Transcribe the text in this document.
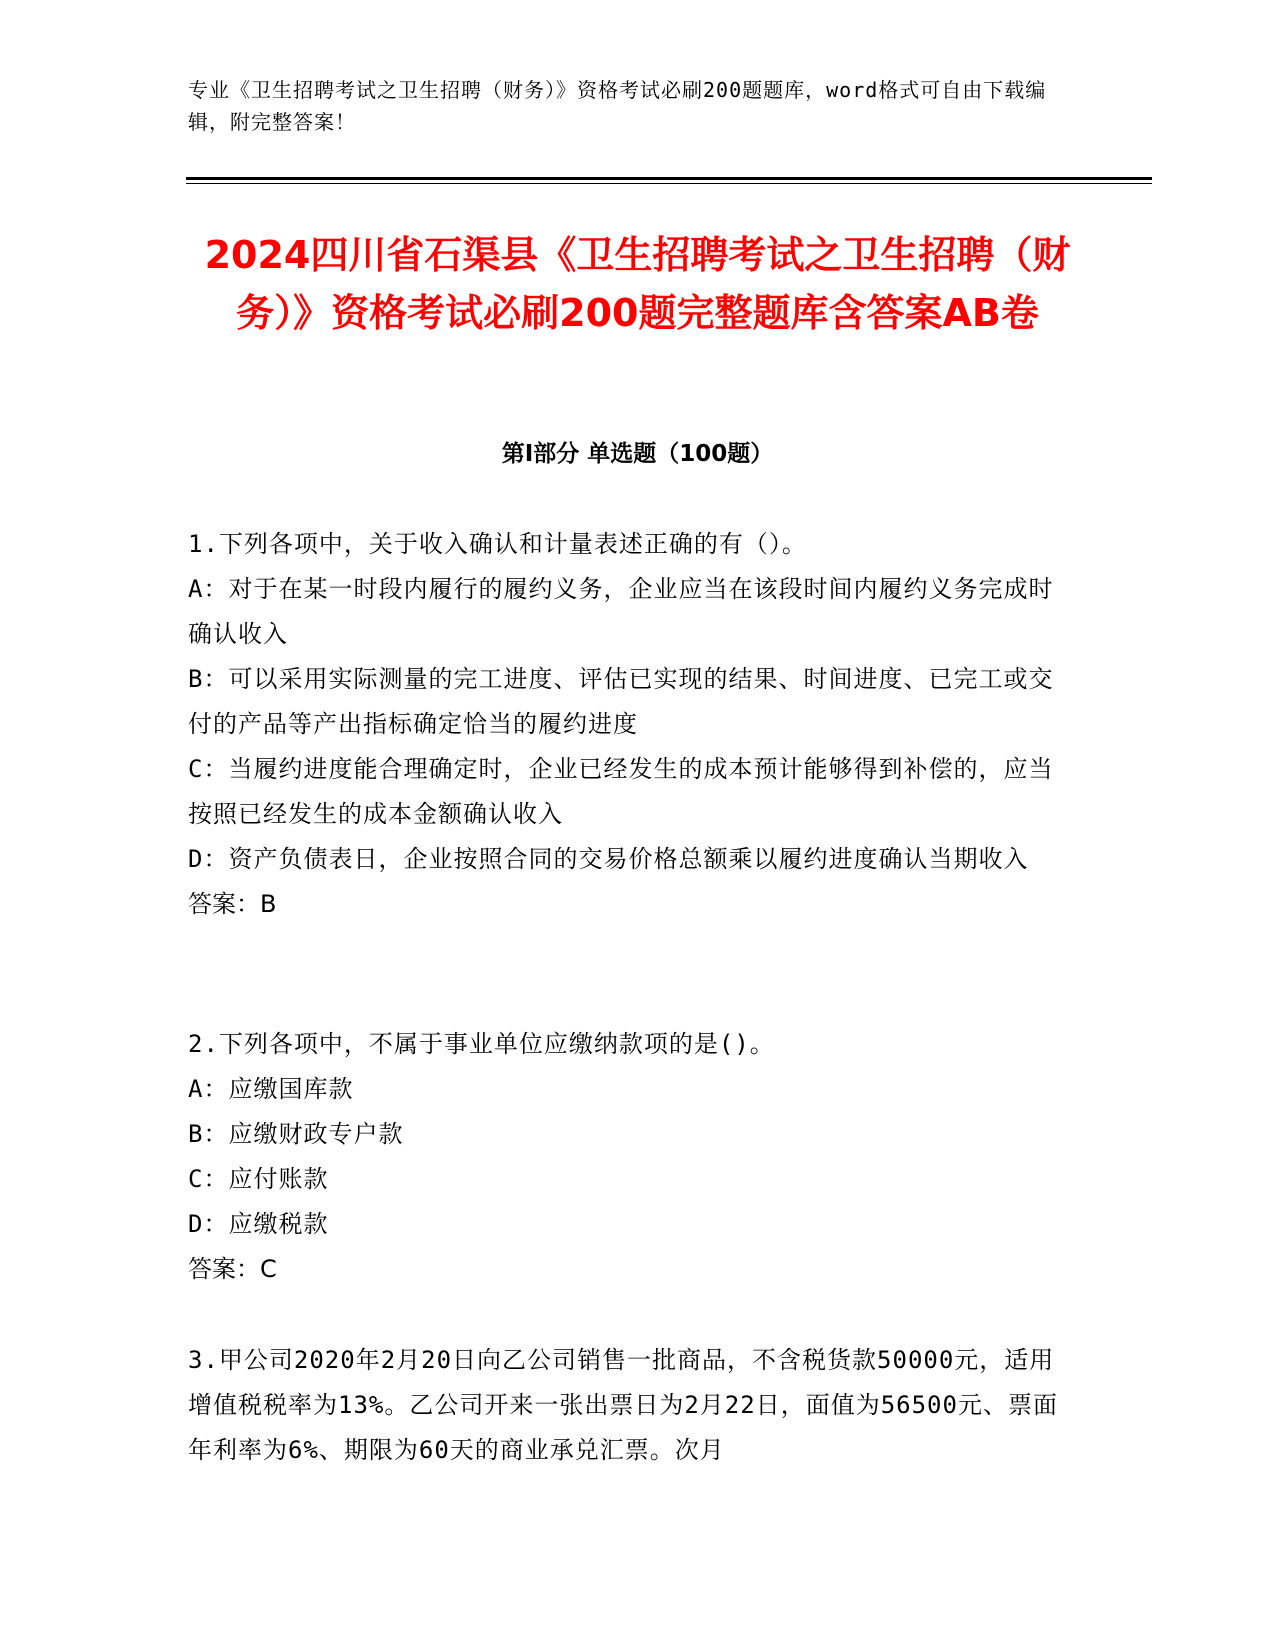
专业《卫生招聘考试之卫生招聘（财务）》资格考试必刷200题题库，word格式可自由下载编辑，附完整答案！
2024四川省石渠县《卫生招聘考试之卫生招聘（财务）》资格考试必刷200题完整题库含答案AB卷
第Ⅰ部分 单选题（100题）

1.下列各项中，关于收入确认和计量表述正确的有（）。

A：对于在某一时段内履行的履约义务，企业应当在该段时间内履约义务完成时确认收入

B：可以采用实际测量的完工进度、评估已实现的结果、时间进度、已完工或交付的产品等产出指标确定恰当的履约进度

C：当履约进度能合理确定时，企业已经发生的成本预计能够得到补偿的，应当按照已经发生的成本金额确认收入

D：资产负债表日，企业按照合同的交易价格总额乘以履约进度确认当期收入

答案：B

2.下列各项中，不属于事业单位应缴纳款项的是()。

A：应缴国库款

B：应缴财政专户款

C：应付账款

D：应缴税款

答案：C

3.甲公司2020年2月20日向乙公司销售一批商品，不含税货款50000元，适用增值税税率为13%。乙公司开来一张出票日为2月22日，面值为56500元、票面年利率为6%、期限为60天的商业承兑汇票。次月
